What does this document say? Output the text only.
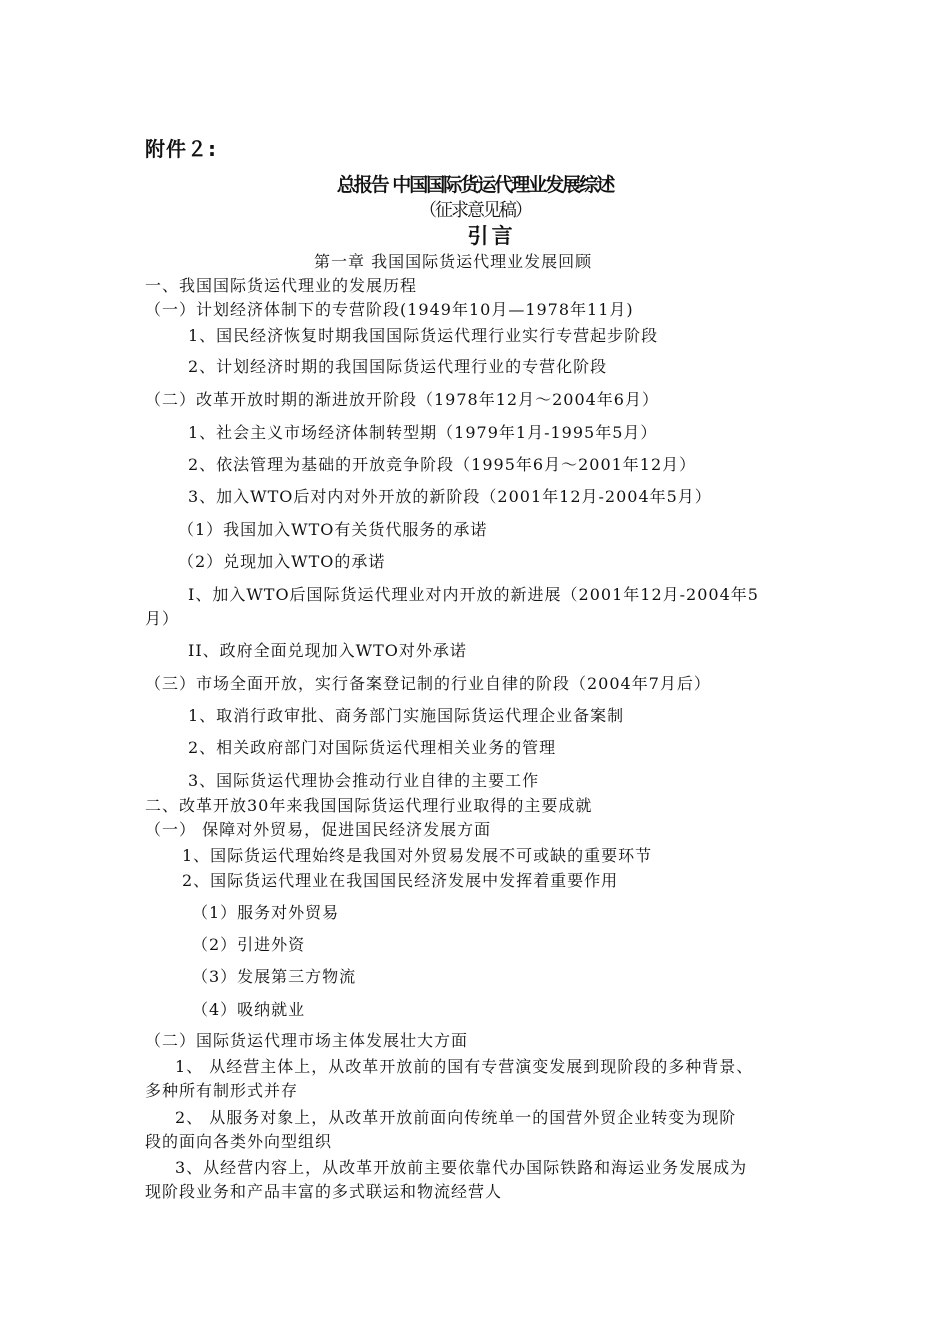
附件２:
总报告 中国国际货运代理业发展综述
（征求意见稿）
引 言
第一章 我国国际货运代理业发展回顾
一、我国国际货运代理业的发展历程
（一）计划经济体制下的专营阶段(1949年10月—1978年11月)
1、国民经济恢复时期我国国际货运代理行业实行专营起步阶段
2、计划经济时期的我国国际货运代理行业的专营化阶段
（二）改革开放时期的渐进放开阶段（1978年12月～2004年6月）
1、社会主义市场经济体制转型期（1979年1月-1995年5月）
2、依法管理为基础的开放竞争阶段（1995年6月～2001年12月）
3、加入WTO后对内对外开放的新阶段（2001年12月-2004年5月）
（1）我国加入WTO有关货代服务的承诺
（2）兑现加入WTO的承诺
I、加入WTO后国际货运代理业对内开放的新进展（2001年12月-2004年5
月）
II、政府全面兑现加入WTO对外承诺
（三）市场全面开放，实行备案登记制的行业自律的阶段（2004年7月后）
1、取消行政审批、商务部门实施国际货运代理企业备案制
2、相关政府部门对国际货运代理相关业务的管理
3、国际货运代理协会推动行业自律的主要工作
二、改革开放30年来我国国际货运代理行业取得的主要成就
（一） 保障对外贸易，促进国民经济发展方面
1、国际货运代理始终是我国对外贸易发展不可或缺的重要环节
2、国际货运代理业在我国国民经济发展中发挥着重要作用
（1）服务对外贸易
（2）引进外资
（3）发展第三方物流
（4）吸纳就业
（二）国际货运代理市场主体发展壮大方面
1、 从经营主体上，从改革开放前的国有专营演变发展到现阶段的多种背景、
多种所有制形式并存
2、 从服务对象上，从改革开放前面向传统单一的国营外贸企业转变为现阶
段的面向各类外向型组织
3、从经营内容上，从改革开放前主要依靠代办国际铁路和海运业务发展成为
现阶段业务和产品丰富的多式联运和物流经营人
